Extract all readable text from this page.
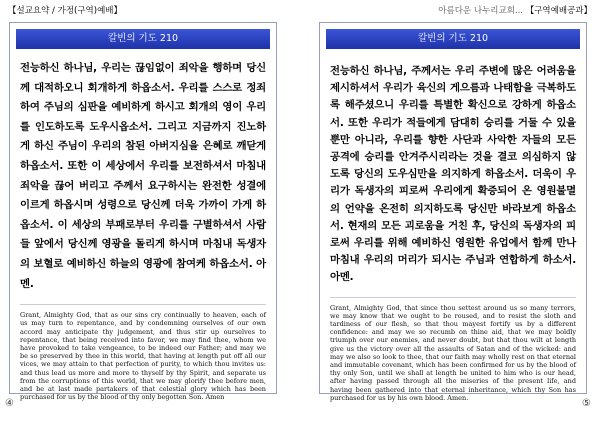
【설교요약 / 가정(구역)예배】	아름다운 나누리교회... 【구역예배공과】
칼빈의 기도 210
전능하신 하나님, 우리는 끊임없이 죄악을 행하며 당신께 대적하오니 회개하게 하옵소서. 우리를 스스로 정죄하여 주님의 심판을 예비하게 하시고 회개의 영이 우리를 인도하도록 도우시옵소서. 그리고 지금까지 진노하게 하신 주님이 우리의 참된 아버지심을 은혜로 깨닫게 하옵소서. 또한 이 세상에서 우리를 보전하셔서 마침내 죄악을 끊어 버리고 주께서 요구하시는 완전한 성결에 이르게 하옵시며 성령으로 당신께 더욱 가까이 가게 하옵소서. 이 세상의 부패로부터 우리를 구별하셔서 사람들 앞에서 당신께 영광을 돌리게 하시며 마침내 독생자의 보혈로 예비하신 하늘의 영광에 참여케 하옵소서. 아멘.
Grant, Almighty God, that as our sins cry continually to heaven, each of us may turn to repentance, and by condemning ourselves of our own accord may anticipate thy judgement, and thus stir up ourselves to repentance, that being received into favor, we may find thee, whom we have provoked to take vengeance, to be indeed our Father; and may we be so preserved by thee in this world, that having at length put off all our vices, we may attain to that perfection of purity, to which thou invites us: and thus lead us more and more to thyself by thy Spirit, and separate us from the corruptions of this world, that we may glorify thee before men, and be at last made partakers of that celestial glory which has been purchased for us by the blood of thy only begotten Son. Amen
칼빈의 기도 210
전능하신 하나님, 주께서는 우리 주변에 많은 어려움을 제시하셔서 우리가 육신의 게으름과 나태함을 극복하도록 해주셨으니 우리를 특별한 확신으로 강하게 하옵소서. 또한 우리가 적들에게 담대히 승리를 거둘 수 있을 뿐만 아니라, 우리를 향한 사단과 사악한 자들의 모든 공격에 승리를 안겨주시리라는 것을 결코 의심하지 않도록 당신의 도우심만을 의지하게 하옵소서. 더욱이 우리가 독생자의 피로써 우리에게 확증되어 온 영원불멸의 언약을 온전히 의지하도록 당신만 바라보게 하옵소서. 현재의 모든 괴로움을 거친 후, 당신의 독생자의 피로써 우리를 위해 예비하신 영원한 유업에서 함께 만나 마침내 우리의 머리가 되시는 주님과 연합하게 하소서. 아멘.
Grant, Almighty God, that since thou settest around us so many terrors, we may know that we ought to be roused, and to resist the sloth and tardiness of our flesh, so that thou mayest fortify us by a different confidence: and may we so recumb on thine aid, that we may boldly triumph over our enemies, and never doubt, but that thou wilt at length give us the victory over all the assaults of Satan and of the wicked: and may we also so look to thee, that our faith may wholly rest on that eternal and immutable covenant, which has been confirmed for us by the blood of thy only Son, until we shall at length be united to him who is our head, after having passed through all the miseries of the present life, and having been gathered into that eternal inheritance, which thy Son has purchased for us by his own blood. Amen.
④	⑤
